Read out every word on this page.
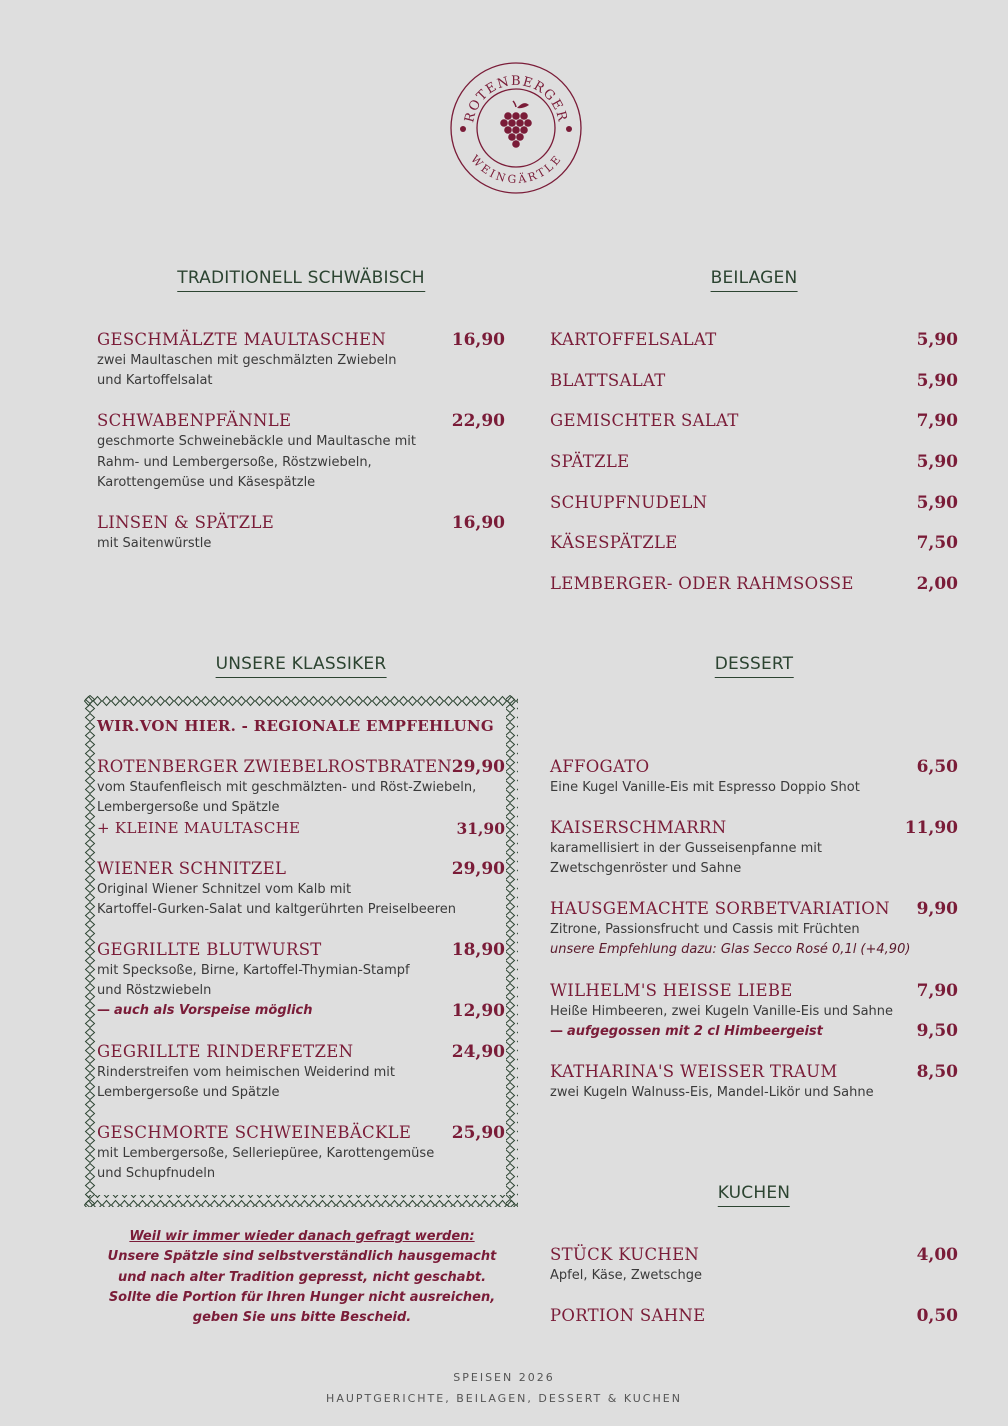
ROTENBERGER
WEINGÄRTLE
TRADITIONELL SCHWÄBISCH	BEILAGEN
UNSERE KLASSIKER	DESSERT
KUCHEN
GESCHMÄLZTE MAULTASCHEN	16,90
zwei Maultaschen mit geschmälzten Zwiebeln
und Kartoffelsalat
SCHWABENPFÄNNLE	22,90
geschmorte Schweinebäckle und Maultasche mit
Rahm- und Lembergersoße, Röstzwiebeln,
Karottengemüse und Käsespätzle
LINSEN & SPÄTZLE	16,90
mit Saitenwürstle
KARTOFFELSALAT	5,90
BLATTSALAT	5,90
GEMISCHTER SALAT	7,90
SPÄTZLE	5,90
SCHUPFNUDELN	5,90
KÄSESPÄTZLE	7,50
LEMBERGER- ODER RAHMSOSSE	2,00
WIR.VON HIER. - REGIONALE EMPFEHLUNG
ROTENBERGER ZWIEBELROSTBRATEN 29,90
vom Staufenfleisch mit geschmälzten- und Röst-Zwiebeln,
Lembergersoße und Spätzle
+ KLEINE MAULTASCHE	31,90
WIENER SCHNITZEL	29,90
Original Wiener Schnitzel vom Kalb mit
Kartoffel-Gurken-Salat und kaltgerührten Preiselbeeren
GEGRILLTE BLUTWURST	18,90
mit Specksoße, Birne, Kartoffel-Thymian-Stampf
und Röstzwiebeln
— auch als Vorspeise möglich	12,90
GEGRILLTE RINDERFETZEN	24,90
Rinderstreifen vom heimischen Weiderind mit
Lembergersoße und Spätzle
GESCHMORTE SCHWEINEBÄCKLE 25,90
mit Lembergersoße, Selleriepüree, Karottengemüse
und Schupfnudeln
Weil wir immer wieder danach gefragt werden:
Unsere Spätzle sind selbstverständlich hausgemacht
und nach alter Tradition gepresst, nicht geschabt.
Sollte die Portion für Ihren Hunger nicht ausreichen,
geben Sie uns bitte Bescheid.
AFFOGATO	6,50
Eine Kugel Vanille-Eis mit Espresso Doppio Shot
KAISERSCHMARRN	11,90
karamellisiert in der Gusseisenpfanne mit
Zwetschgenröster und Sahne
HAUSGEMACHTE SORBETVARIATION 9,90
Zitrone, Passionsfrucht und Cassis mit Früchten
unsere Empfehlung dazu: Glas Secco Rosé 0,1l (+4,90)
WILHELM'S HEISSE LIEBE	7,90
Heiße Himbeeren, zwei Kugeln Vanille-Eis und Sahne
— aufgegossen mit 2 cl Himbeergeist	9,50
KATHARINA'S WEISSER TRAUM	8,50
zwei Kugeln Walnuss-Eis, Mandel-Likör und Sahne
STÜCK KUCHEN	4,00
Apfel, Käse, Zwetschge
PORTION SAHNE	0,50
SPEISEN 2026
HAUPTGERICHTE, BEILAGEN, DESSERT & KUCHEN
